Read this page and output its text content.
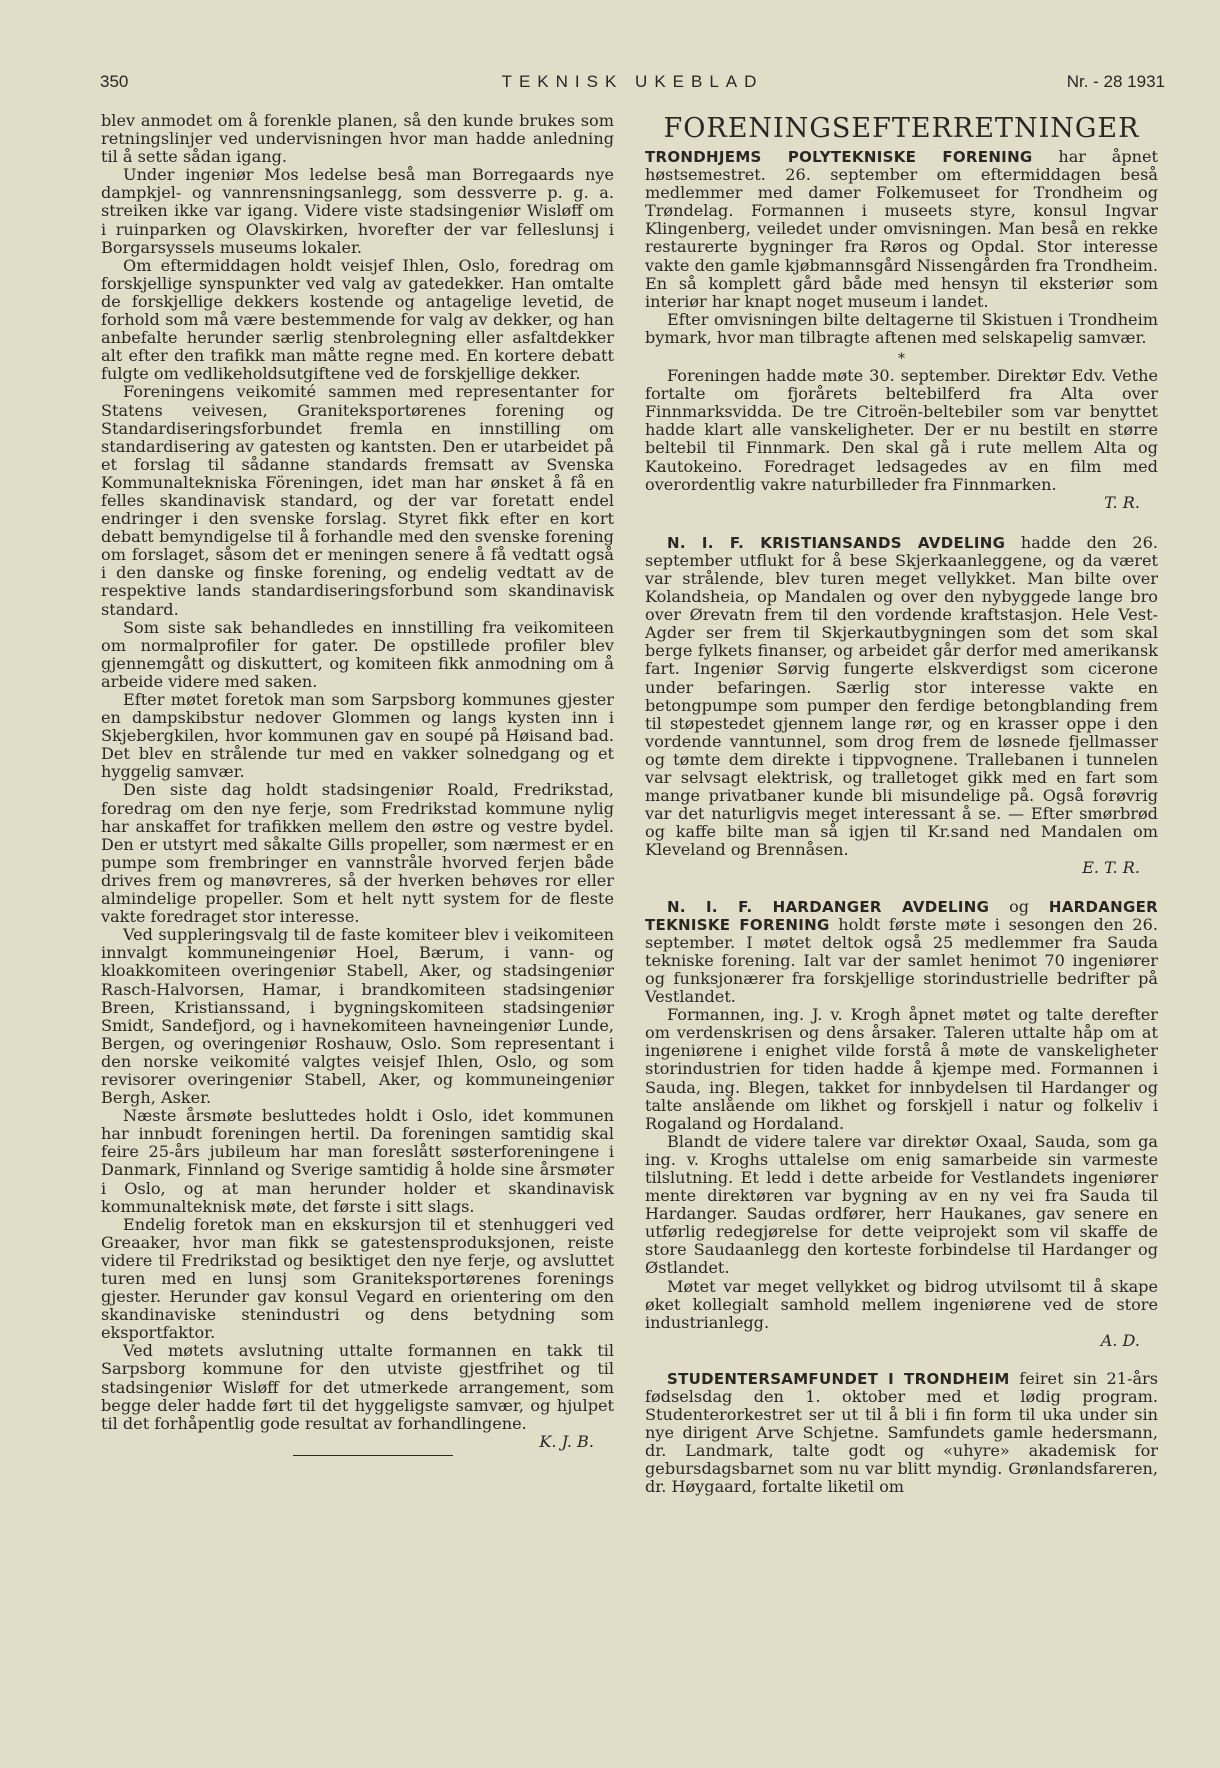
350	TEKNISK UKEBLAD	Nr. - 28 1931

blev anmodet om å forenkle planen, så den kunde brukes som retningslinjer ved undervisningen hvor man hadde anledning til å sette sådan igang.

Under ingeniør Mos ledelse beså man Borregaards nye dampkjel- og vannrensningsanlegg, som dessverre p. g. a. streiken ikke var igang. Videre viste stadsingeniør Wisløff om i ruinparken og Olavskirken, hvorefter der var felleslunsj i Borgarsyssels museums lokaler.

Om eftermiddagen holdt veisjef Ihlen, Oslo, foredrag om forskjellige synspunkter ved valg av gatedekker. Han omtalte de forskjellige dekkers kostende og antagelige levetid, de forhold som må være bestemmende for valg av dekker, og han anbefalte herunder særlig stenbrolegning eller asfaltdekker alt efter den trafikk man måtte regne med. En kortere debatt fulgte om vedlikeholdsutgiftene ved de forskjellige dekker.

Foreningens veikomité sammen med representanter for Statens veivesen, Graniteksportørenes forening og Standardiseringsforbundet fremla en innstilling om standardisering av gatesten og kantsten. Den er utarbeidet på et forslag til sådanne standards fremsatt av Svenska Kommunaltekniska Föreningen, idet man har ønsket å få en felles skandinavisk standard, og der var foretatt endel endringer i den svenske forslag. Styret fikk efter en kort debatt bemyndigelse til å forhandle med den svenske forening om forslaget, såsom det er meningen senere å få vedtatt også i den danske og finske forening, og endelig vedtatt av de respektive lands standardiseringsforbund som skandinavisk standard.

Som siste sak behandledes en innstilling fra veikomiteen om normalprofiler for gater. De opstillede profiler blev gjennemgått og diskuttert, og komiteen fikk anmodning om å arbeide videre med saken.

Efter møtet foretok man som Sarpsborg kommunes gjester en dampskibstur nedover Glommen og langs kysten inn i Skjebergkilen, hvor kommunen gav en soupé på Høisand bad. Det blev en strålende tur med en vakker solnedgang og et hyggelig samvær.

Den siste dag holdt stadsingeniør Roald, Fredrikstad, foredrag om den nye ferje, som Fredrikstad kommune nylig har anskaffet for trafikken mellem den østre og vestre bydel. Den er utstyrt med såkalte Gills propeller, som nærmest er en pumpe som frembringer en vannstråle hvorved ferjen både drives frem og manøvreres, så der hverken behøves ror eller almindelige propeller. Som et helt nytt system for de fleste vakte foredraget stor interesse.

Ved suppleringsvalg til de faste komiteer blev i veikomiteen innvalgt kommuneingeniør Hoel, Bærum, i vann- og kloakkomiteen overingeniør Stabell, Aker, og stadsingeniør Rasch-Halvorsen, Hamar, i brandkomiteen stadsingeniør Breen, Kristianssand, i bygningskomiteen stadsingeniør Smidt, Sandefjord, og i havnekomiteen havneingeniør Lunde, Bergen, og overingeniør Roshauw, Oslo. Som representant i den norske veikomité valgtes veisjef Ihlen, Oslo, og som revisorer overingeniør Stabell, Aker, og kommuneingeniør Bergh, Asker.

Næste årsmøte besluttedes holdt i Oslo, idet kommunen har innbudt foreningen hertil. Da foreningen samtidig skal feire 25-års jubileum har man foreslått søsterforeningene i Danmark, Finnland og Sverige samtidig å holde sine årsmøter i Oslo, og at man herunder holder et skandinavisk kommunalteknisk møte, det første i sitt slags.

Endelig foretok man en ekskursjon til et stenhuggeri ved Greaaker, hvor man fikk se gatestensproduksjonen, reiste videre til Fredrikstad og besiktiget den nye ferje, og avsluttet turen med en lunsj som Graniteksportørenes forenings gjester. Herunder gav konsul Vegard en orientering om den skandinaviske stenindustri og dens betydning som eksportfaktor.

Ved møtets avslutning uttalte formannen en takk til Sarpsborg kommune for den utviste gjestfrihet og til stadsingeniør Wisløff for det utmerkede arrangement, som begge deler hadde ført til det hyggeligste samvær, og hjulpet til det forhåpentlig gode resultat av forhandlingene.

K. J. B.
FORENINGSEFTERRETNINGER

TRONDHJEMS POLYTEKNISKE FORENING har åpnet høstsemestret. 26. september om eftermiddagen beså medlemmer med damer Folkemuseet for Trondheim og Trøndelag. Formannen i museets styre, konsul Ingvar Klingenberg, veiledet under omvisningen. Man beså en rekke restaurerte bygninger fra Røros og Opdal. Stor interesse vakte den gamle kjøbmannsgård Nissengården fra Trondheim. En så komplett gård både med hensyn til eksteriør som interiør har knapt noget museum i landet.

Efter omvisningen bilte deltagerne til Skistuen i Trondheim bymark, hvor man tilbragte aftenen med selskapelig samvær.

*

Foreningen hadde møte 30. september. Direktør Edv. Vethe fortalte om fjorårets beltebilferd fra Alta over Finnmarksvidda. De tre Citroën-beltebiler som var benyttet hadde klart alle vanskeligheter. Der er nu bestilt en større beltebil til Finnmark. Den skal gå i rute mellem Alta og Kautokeino. Foredraget ledsagedes av en film med overordentlig vakre naturbilleder fra Finnmarken.

T. R.

N. I. F. KRISTIANSANDS AVDELING hadde den 26. september utflukt for å bese Skjerkaanleggene, og da været var strålende, blev turen meget vellykket. Man bilte over Kolandsheia, op Mandalen og over den nybyggede lange bro over Ørevatn frem til den vordende kraftstasjon. Hele Vest-Agder ser frem til Skjerkautbygningen som det som skal berge fylkets finanser, og arbeidet går derfor med amerikansk fart. Ingeniør Sørvig fungerte elskverdigst som cicerone under befaringen. Særlig stor interesse vakte en betongpumpe som pumper den ferdige betongblanding frem til støpestedet gjennem lange rør, og en krasser oppe i den vordende vanntunnel, som drog frem de løsnede fjellmasser og tømte dem direkte i tippvognene. Trallebanen i tunnelen var selvsagt elektrisk, og tralletoget gikk med en fart som mange privatbaner kunde bli misundelige på. Også forøvrig var det naturligvis meget interessant å se. — Efter smørbrød og kaffe bilte man så igjen til Kr.sand ned Mandalen om Kleveland og Brennåsen.

E. T. R.

N. I. F. HARDANGER AVDELING og HARDANGER TEKNISKE FORENING holdt første møte i sesongen den 26. september. I møtet deltok også 25 medlemmer fra Sauda tekniske forening. Ialt var der samlet henimot 70 ingeniører og funksjonærer fra forskjellige storindustrielle bedrifter på Vestlandet.

Formannen, ing. J. v. Krogh åpnet møtet og talte derefter om verdenskrisen og dens årsaker. Taleren uttalte håp om at ingeniørene i enighet vilde forstå å møte de vanskeligheter storindustrien for tiden hadde å kjempe med. Formannen i Sauda, ing. Blegen, takket for innbydelsen til Hardanger og talte anslående om likhet og forskjell i natur og folkeliv i Rogaland og Hordaland.

Blandt de videre talere var direktør Oxaal, Sauda, som ga ing. v. Kroghs uttalelse om enig samarbeide sin varmeste tilslutning. Et ledd i dette arbeide for Vestlandets ingeniører mente direktøren var bygning av en ny vei fra Sauda til Hardanger. Saudas ordfører, herr Haukanes, gav senere en utførlig redegjørelse for dette veiprojekt som vil skaffe de store Saudaanlegg den korteste forbindelse til Hardanger og Østlandet.

Møtet var meget vellykket og bidrog utvilsomt til å skape øket kollegialt samhold mellem ingeniørene ved de store industrianlegg.

A. D.

STUDENTERSAMFUNDET I TRONDHEIM feiret sin 21-års fødselsdag den 1. oktober med et lødig program. Studenterorkestret ser ut til å bli i fin form til uka under sin nye dirigent Arve Schjetne. Samfundets gamle hedersmann, dr. Landmark, talte godt og «uhyre» akademisk for gebursdagsbarnet som nu var blitt myndig. Grønlandsfareren, dr. Høygaard, fortalte liketil om
